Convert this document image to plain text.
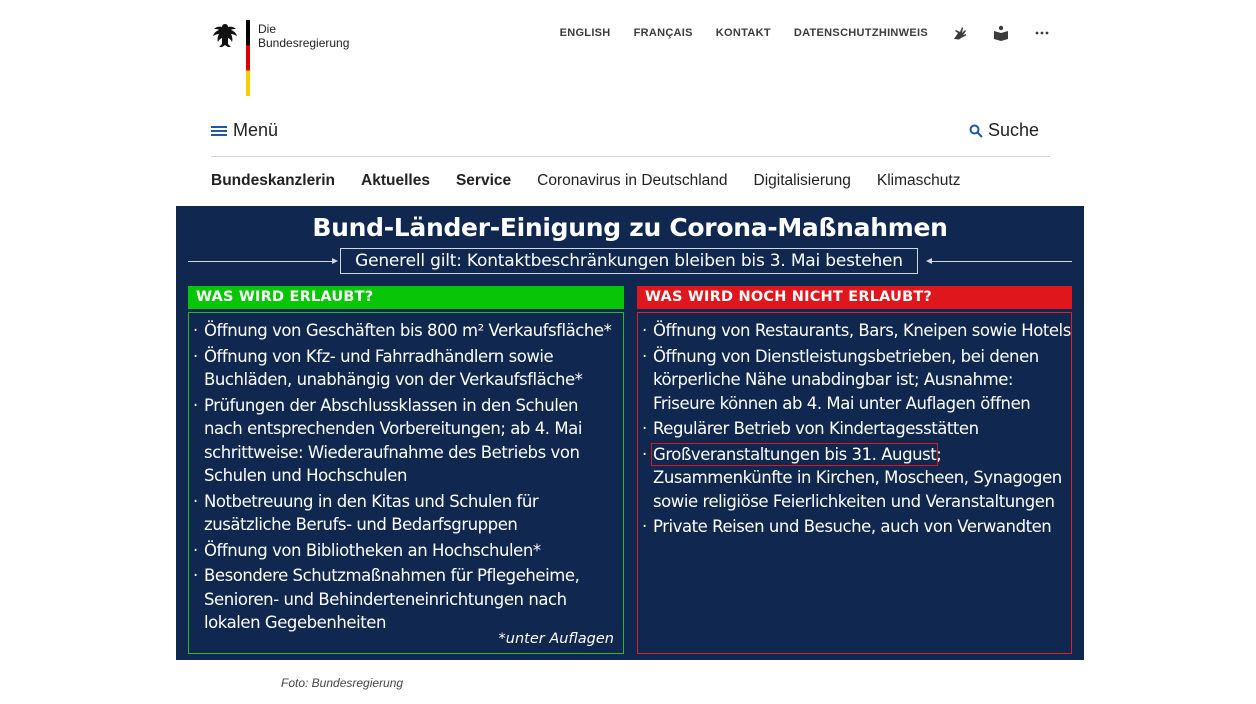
Die
Bundesregierung
ENGLISH FRANÇAIS KONTAKT DATENSCHUTZHINWEIS
Menü	Suche
Bundeskanzlerin Aktuelles Service Coronavirus in Deutschland Digitalisierung Klimaschutz
Bund-Länder-Einigung zu Corona-Maßnahmen
Generell gilt: Kontaktbeschränkungen bleiben bis 3. Mai bestehen
WAS WIRD ERLAUBT?	WAS WIRD NOCH NICHT ERLAUBT?
· Öffnung von Geschäften bis 800 m² Verkaufsfläche*
· Öffnung von Kfz- und Fahrradhändlern sowie Buchläden, unabhängig von der Verkaufsfläche*
· Prüfungen der Abschlussklassen in den Schulen nach entsprechenden Vorbereitungen; ab 4. Mai schrittweise: Wiederaufnahme des Betriebs von Schulen und Hochschulen
· Notbetreuung in den Kitas und Schulen für zusätzliche Berufs- und Bedarfsgruppen
· Öffnung von Bibliotheken an Hochschulen*
· Besondere Schutzmaßnahmen für Pflegeheime, Senioren- und Behinderteneinrichtungen nach lokalen Gegebenheiten
*unter Auflagen
· Öffnung von Restaurants, Bars, Kneipen sowie Hotels
· Öffnung von Dienstleistungsbetrieben, bei denen körperliche Nähe unabdingbar ist; Ausnahme: Friseure können ab 4. Mai unter Auflagen öffnen
· Regulärer Betrieb von Kindertagesstätten
· Großveranstaltungen bis 31. August; Zusammenkünfte in Kirchen, Moscheen, Synagogen sowie religiöse Feierlichkeiten und Veranstaltungen
· Private Reisen und Besuche, auch von Verwandten
Foto: Bundesregierung
